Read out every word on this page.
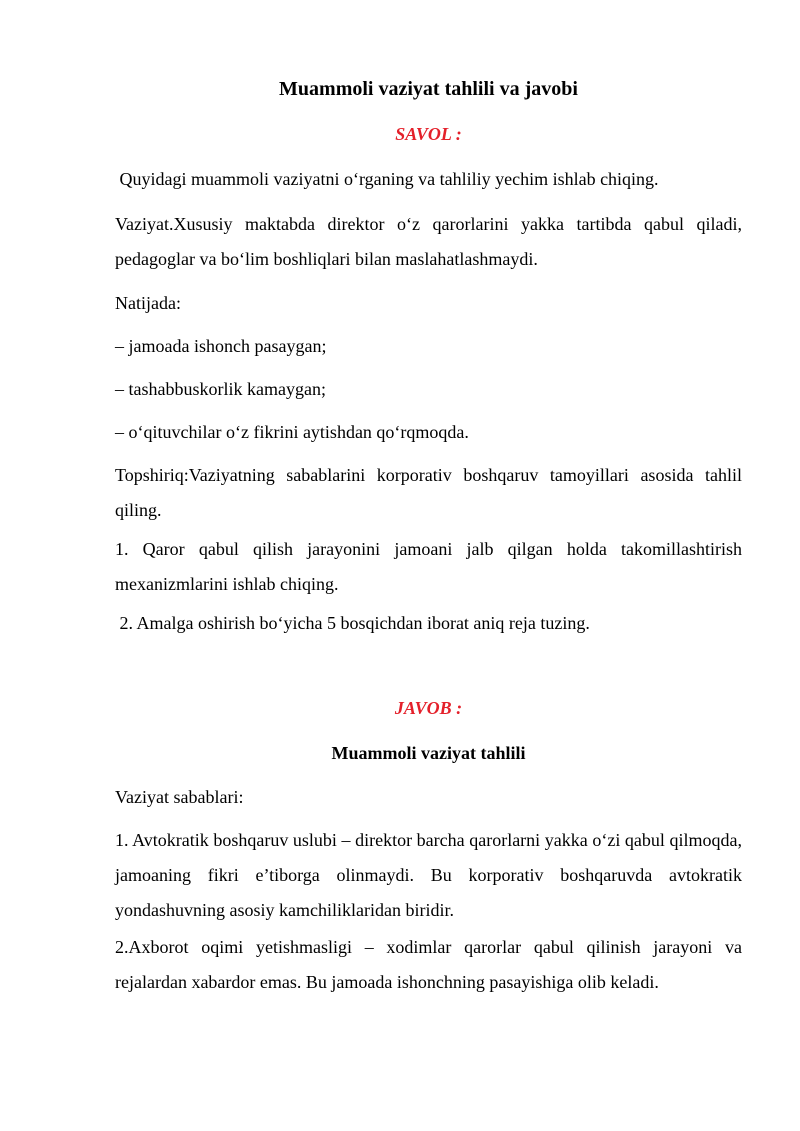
Muammoli vaziyat tahlili va javobi
SAVOL :
Quyidagi muammoli vaziyatni o‘rganing va tahliliy yechim ishlab chiqing.
Vaziyat.Xususiy maktabda direktor o‘z qarorlarini yakka tartibda qabul qiladi, pedagoglar va bo‘lim boshliqlari bilan maslahatlashmaydi.
Natijada:
– jamoada ishonch pasaygan;
– tashabbuskorlik kamaygan;
– o‘qituvchilar o‘z fikrini aytishdan qo‘rqmoqda.
Topshiriq:Vaziyatning sabablarini korporativ boshqaruv tamoyillari asosida tahlil qiling.
1. Qaror qabul qilish jarayonini jamoani jalb qilgan holda takomillashtirish mexanizmlarini ishlab chiqing.
2. Amalga oshirish bo‘yicha 5 bosqichdan iborat aniq reja tuzing.
JAVOB :
Muammoli vaziyat tahlili
Vaziyat sabablari:
1. Avtokratik boshqaruv uslubi – direktor barcha qarorlarni yakka o‘zi qabul qilmoqda, jamoaning fikri e’tiborga olinmaydi. Bu korporativ boshqaruvda avtokratik yondashuvning asosiy kamchiliklaridan biridir.
2.Axborot oqimi yetishmasligi – xodimlar qarorlar qabul qilinish jarayoni va rejalardan xabardor emas. Bu jamoada ishonchning pasayishiga olib keladi.
